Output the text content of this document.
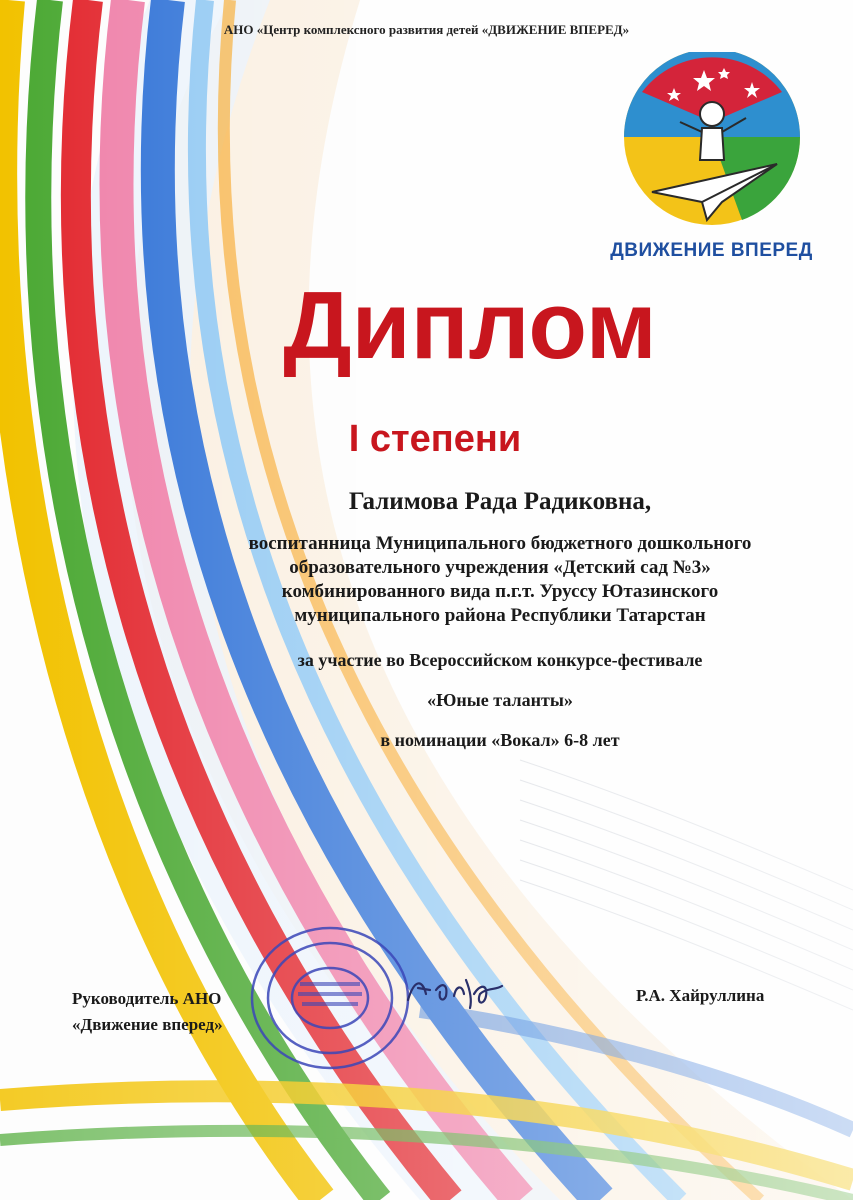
АНО «Центр комплексного развития детей «ДВИЖЕНИЕ ВПЕРЕД»
ДВИЖЕНИЕ ВПЕРЕД
Диплом
I степени
Галимова Рада Радиковна,
воспитанница Муниципального бюджетного дошкольного
образовательного учреждения «Детский сад №3»
комбинированного вида п.г.т. Уруссу Ютазинского
муниципального района Республики Татарстан
за участие во Всероссийском конкурсе-фестивале
«Юные таланты»
в номинации «Вокал» 6-8 лет
Руководитель АНО
«Движение вперед»
Р.А. Хайруллина
